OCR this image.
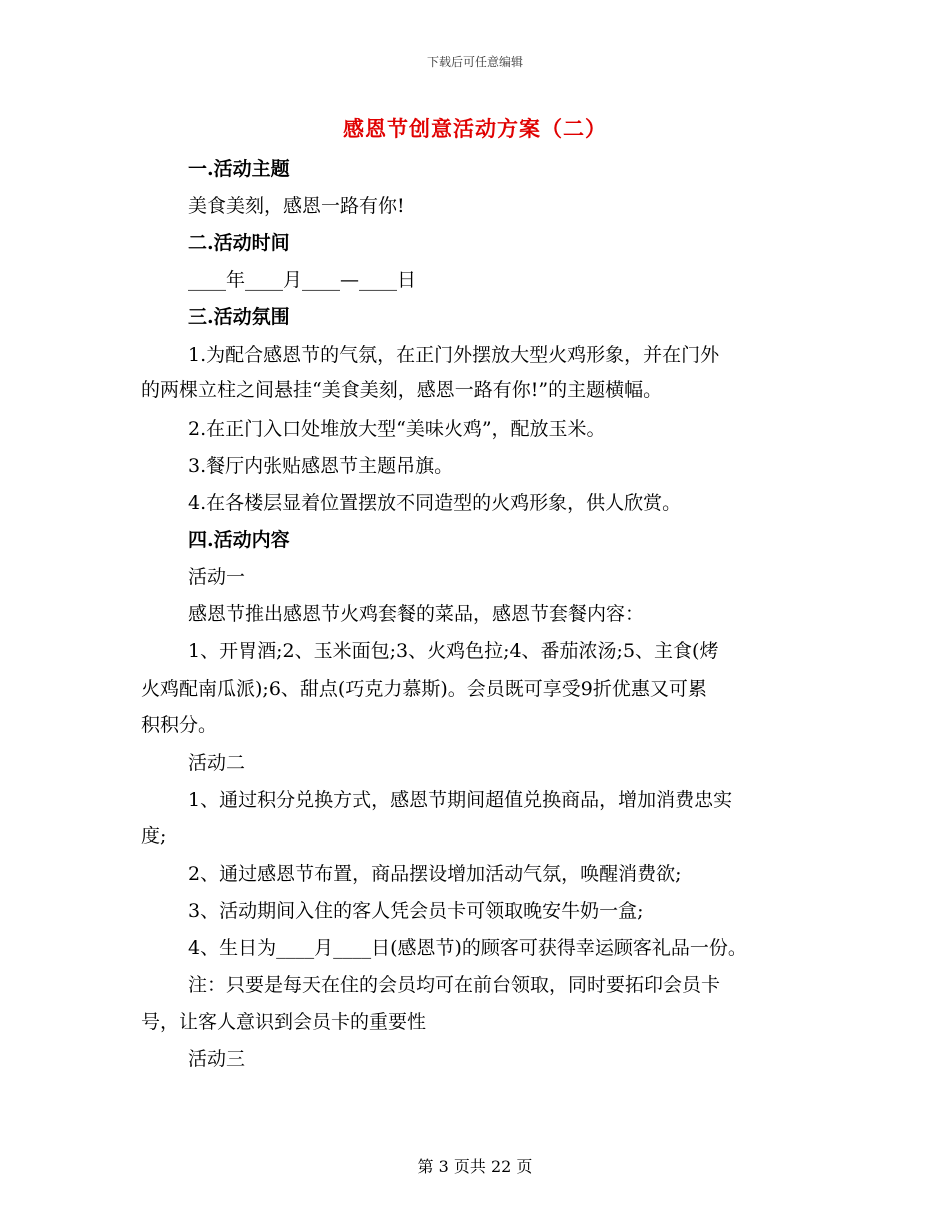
下载后可任意编辑
感恩节创意活动方案（二）
一.活动主题
美食美刻，感恩一路有你!
二.活动时间
____年____月____—____日
三.活动氛围
1.为配合感恩节的气氛，在正门外摆放大型火鸡形象，并在门外
的两棵立柱之间悬挂“美食美刻，感恩一路有你!”的主题横幅。
2.在正门入口处堆放大型“美味火鸡”，配放玉米。
3.餐厅内张贴感恩节主题吊旗。
4.在各楼层显着位置摆放不同造型的火鸡形象，供人欣赏。
四.活动内容
活动一
感恩节推出感恩节火鸡套餐的菜品，感恩节套餐内容：
1、开胃酒;2、玉米面包;3、火鸡色拉;4、番茄浓汤;5、主食(烤
火鸡配南瓜派);6、甜点(巧克力慕斯)。会员既可享受9折优惠又可累
积积分。
活动二
1、通过积分兑换方式，感恩节期间超值兑换商品，增加消费忠实
度;
2、通过感恩节布置，商品摆设增加活动气氛，唤醒消费欲;
3、活动期间入住的客人凭会员卡可领取晚安牛奶一盒;
4、生日为____月____日(感恩节)的顾客可获得幸运顾客礼品一份。
注：只要是每天在住的会员均可在前台领取，同时要拓印会员卡
号，让客人意识到会员卡的重要性
活动三
第 3 页共 22 页
